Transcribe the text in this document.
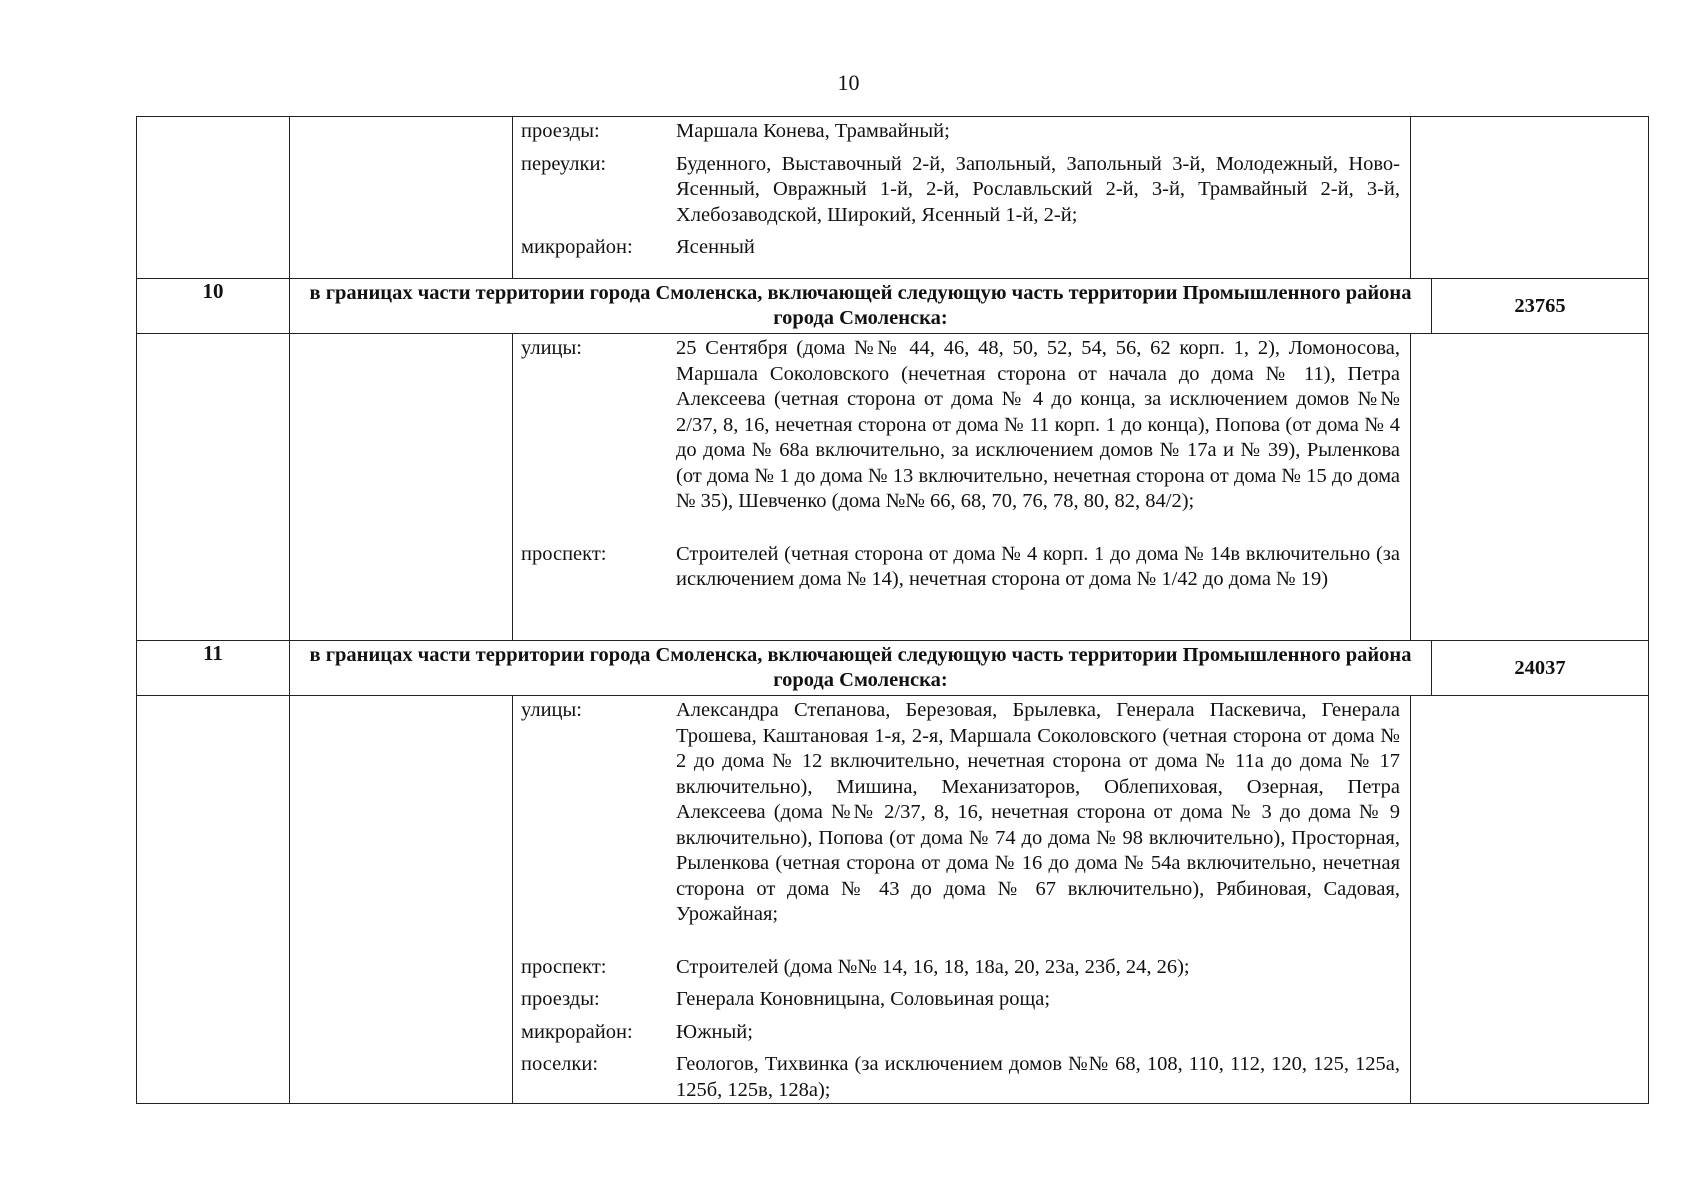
10

проезды:	Маршала Конева, Трамвайный;
переулки:	Буденного, Выставочный 2-й, Запольный, Запольный 3-й, Молодежный, Ново-Ясенный, Овражный 1-й, 2-й, Рославльский 2-й, 3-й, Трамвайный 2-й, 3-й, Хлебозаводской, Широкий, Ясенный 1-й, 2-й;
микрорайон:	Ясенный

10		в границах части территории города Смоленска, включающей следующую часть территории Промышленного района города Смоленска:	23765

улицы:	25 Сентября (дома №№ 44, 46, 48, 50, 52, 54, 56, 62 корп. 1, 2), Ломоносова, Маршала Соколовского (нечетная сторона от начала до дома № 11), Петра Алексеева (четная сторона от дома № 4 до конца, за исключением домов №№ 2/37, 8, 16, нечетная сторона от дома № 11 корп. 1 до конца), Попова (от дома № 4 до дома № 68а включительно, за исключением домов № 17а и № 39), Рыленкова (от дома № 1 до дома № 13 включительно, нечетная сторона от дома № 15 до дома № 35), Шевченко (дома №№ 66, 68, 70, 76, 78, 80, 82, 84/2);
проспект:	Строителей (четная сторона от дома № 4 корп. 1 до дома № 14в включительно (за исключением дома № 14), нечетная сторона от дома № 1/42 до дома № 19)

11		в границах части территории города Смоленска, включающей следующую часть территории Промышленного района города Смоленска:	24037

улицы:	Александра Степанова, Березовая, Брылевка, Генерала Паскевича, Генерала Трошева, Каштановая 1-я, 2-я, Маршала Соколовского (четная сторона от дома № 2 до дома № 12 включительно, нечетная сторона от дома № 11а до дома № 17 включительно), Мишина, Механизаторов, Облепиховая, Озерная, Петра Алексеева (дома №№ 2/37, 8, 16, нечетная сторона от дома № 3 до дома № 9 включительно), Попова (от дома № 74 до дома № 98 включительно), Просторная, Рыленкова (четная сторона от дома № 16 до дома № 54а включительно, нечетная сторона от дома № 43 до дома № 67 включительно), Рябиновая, Садовая, Урожайная;
проспект:	Строителей (дома №№ 14, 16, 18, 18а, 20, 23а, 23б, 24, 26);
проезды:	Генерала Коновницына, Соловьиная роща;
микрорайон:	Южный;
поселки:	Геологов, Тихвинка (за исключением домов №№ 68, 108, 110, 112, 120, 125, 125а, 125б, 125в, 128а);
